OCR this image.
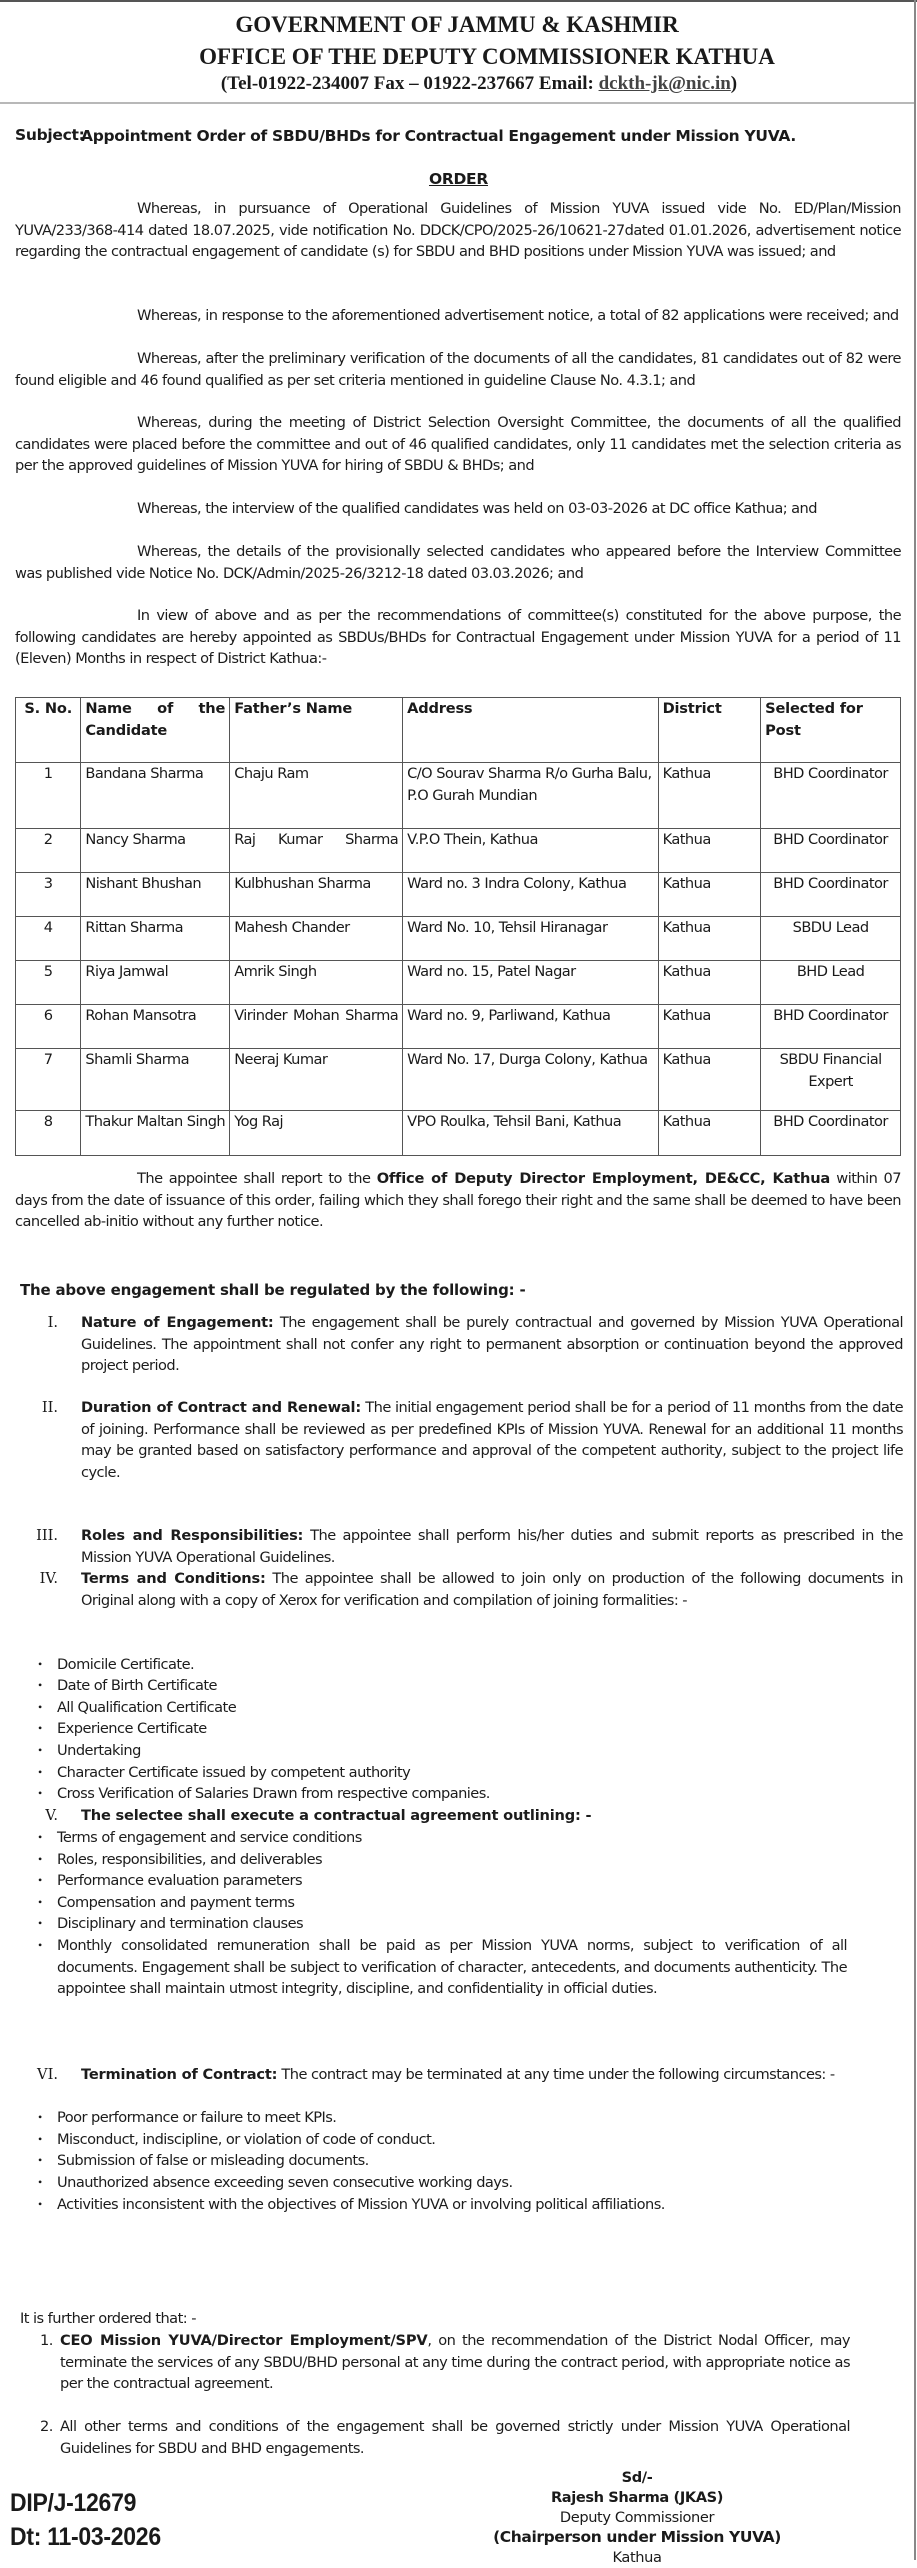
GOVERNMENT OF JAMMU & KASHMIR
OFFICE OF THE DEPUTY COMMISSIONER KATHUA
(Tel-01922-234007 Fax – 01922-237667 Email: dckth-jk@nic.in)
Subject:
Appointment Order of SBDU/BHDs for Contractual Engagement under Mission YUVA.
ORDER
Whereas, in pursuance of Operational Guidelines of Mission YUVA issued vide No. ED/Plan/Mission YUVA/233/368-414 dated 18.07.2025, vide notification No. DDCK/CPO/2025-26/10621-27dated 01.01.2026, advertisement notice regarding the contractual engagement of candidate (s) for SBDU and BHD positions under Mission YUVA was issued; and
Whereas, in response to the aforementioned advertisement notice, a total of 82 applications were received; and
Whereas, after the preliminary verification of the documents of all the candidates, 81 candidates out of 82 were found eligible and 46 found qualified as per set criteria mentioned in guideline Clause No. 4.3.1; and
Whereas, during the meeting of District Selection Oversight Committee, the documents of all the qualified candidates were placed before the committee and out of 46 qualified candidates, only 11 candidates met the selection criteria as per the approved guidelines of Mission YUVA for hiring of SBDU & BHDs; and
Whereas, the interview of the qualified candidates was held on 03-03-2026 at DC office Kathua; and
Whereas, the details of the provisionally selected candidates who appeared before the Interview Committee was published vide Notice No. DCK/Admin/2025-26/3212-18 dated 03.03.2026; and
In view of above and as per the recommendations of committee(s) constituted for the above purpose, the following candidates are hereby appointed as SBDUs/BHDs for Contractual Engagement under Mission YUVA for a period of 11 (Eleven) Months in respect of District Kathua:-
S. No.	Name of the Candidate	Father’s Name	Address	District	Selected for Post
1	Bandana Sharma	Chaju Ram	C/O Sourav Sharma R/o Gurha Balu, P.O Gurah Mundian	Kathua	BHD Coordinator
2	Nancy Sharma	Raj Kumar Sharma	V.P.O Thein, Kathua	Kathua	BHD Coordinator
3	Nishant Bhushan	Kulbhushan Sharma	Ward no. 3 Indra Colony, Kathua	Kathua	BHD Coordinator
4	Rittan Sharma	Mahesh Chander	Ward No. 10, Tehsil Hiranagar	Kathua	SBDU Lead
5	Riya Jamwal	Amrik Singh	Ward no. 15, Patel Nagar	Kathua	BHD Lead
6	Rohan Mansotra	Virinder Mohan Sharma	Ward no. 9, Parliwand, Kathua	Kathua	BHD Coordinator
7	Shamli Sharma	Neeraj Kumar	Ward No. 17, Durga Colony, Kathua	Kathua	SBDU Financial Expert
8	Thakur Maltan Singh	Yog Raj	VPO Roulka, Tehsil Bani, Kathua	Kathua	BHD Coordinator
The appointee shall report to the Office of Deputy Director Employment, DE&CC, Kathua within 07 days from the date of issuance of this order, failing which they shall forego their right and the same shall be deemed to have been cancelled ab-initio without any further notice.
The above engagement shall be regulated by the following: -
I. Nature of Engagement: The engagement shall be purely contractual and governed by Mission YUVA Operational Guidelines. The appointment shall not confer any right to permanent absorption or continuation beyond the approved project period.
II. Duration of Contract and Renewal: The initial engagement period shall be for a period of 11 months from the date of joining. Performance shall be reviewed as per predefined KPIs of Mission YUVA. Renewal for an additional 11 months may be granted based on satisfactory performance and approval of the competent authority, subject to the project life cycle.
III. Roles and Responsibilities: The appointee shall perform his/her duties and submit reports as prescribed in the Mission YUVA Operational Guidelines.
IV. Terms and Conditions: The appointee shall be allowed to join only on production of the following documents in Original along with a copy of Xerox for verification and compilation of joining formalities: -
• Domicile Certificate.
• Date of Birth Certificate
• All Qualification Certificate
• Experience Certificate
• Undertaking
• Character Certificate issued by competent authority
• Cross Verification of Salaries Drawn from respective companies.
V. The selectee shall execute a contractual agreement outlining: -
• Terms of engagement and service conditions
• Roles, responsibilities, and deliverables
• Performance evaluation parameters
• Compensation and payment terms
• Disciplinary and termination clauses
• Monthly consolidated remuneration shall be paid as per Mission YUVA norms, subject to verification of all documents. Engagement shall be subject to verification of character, antecedents, and documents authenticity. The appointee shall maintain utmost integrity, discipline, and confidentiality in official duties.
VI. Termination of Contract: The contract may be terminated at any time under the following circumstances: -
• Poor performance or failure to meet KPIs.
• Misconduct, indiscipline, or violation of code of conduct.
• Submission of false or misleading documents.
• Unauthorized absence exceeding seven consecutive working days.
• Activities inconsistent with the objectives of Mission YUVA or involving political affiliations.
It is further ordered that: -
1. CEO Mission YUVA/Director Employment/SPV, on the recommendation of the District Nodal Officer, may terminate the services of any SBDU/BHD personal at any time during the contract period, with appropriate notice as per the contractual agreement.
2. All other terms and conditions of the engagement shall be governed strictly under Mission YUVA Operational Guidelines for SBDU and BHD engagements.
Sd/-
Rajesh Sharma (JKAS)
Deputy Commissioner
(Chairperson under Mission YUVA)
Kathua
DIP/J-12679
Dt: 11-03-2026
